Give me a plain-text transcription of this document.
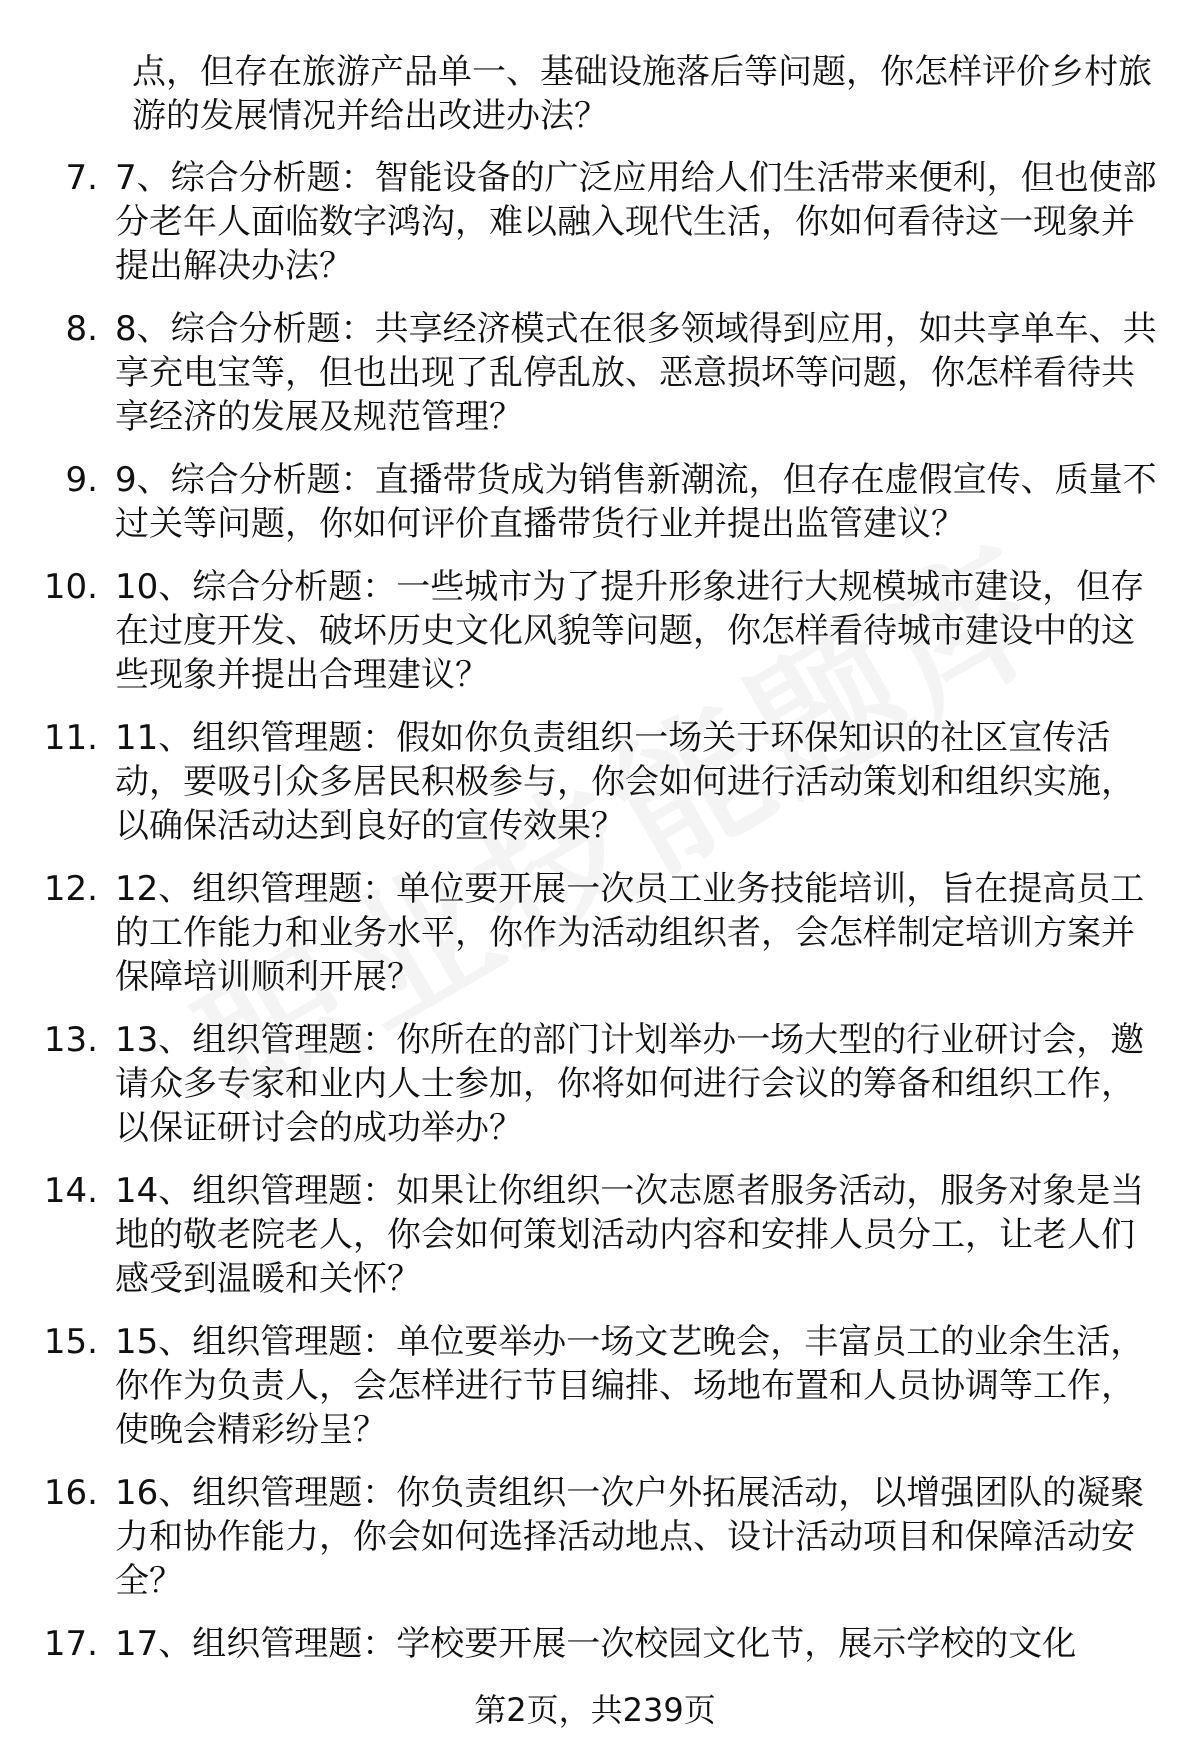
点，但存在旅游产品单一、基础设施落后等问题，你怎样评价乡村旅游的发展情况并给出改进办法？
7. 7、综合分析题：智能设备的广泛应用给人们生活带来便利，但也使部分老年人面临数字鸿沟，难以融入现代生活，你如何看待这一现象并提出解决办法？
8. 8、综合分析题：共享经济模式在很多领域得到应用，如共享单车、共享充电宝等，但也出现了乱停乱放、恶意损坏等问题，你怎样看待共享经济的发展及规范管理？
9. 9、综合分析题：直播带货成为销售新潮流，但存在虚假宣传、质量不过关等问题，你如何评价直播带货行业并提出监管建议？
10. 10、综合分析题：一些城市为了提升形象进行大规模城市建设，但存在过度开发、破坏历史文化风貌等问题，你怎样看待城市建设中的这些现象并提出合理建议？
11. 11、组织管理题：假如你负责组织一场关于环保知识的社区宣传活动，要吸引众多居民积极参与，你会如何进行活动策划和组织实施，以确保活动达到良好的宣传效果？
12. 12、组织管理题：单位要开展一次员工业务技能培训，旨在提高员工的工作能力和业务水平，你作为活动组织者，会怎样制定培训方案并保障培训顺利开展？
13. 13、组织管理题：你所在的部门计划举办一场大型的行业研讨会，邀请众多专家和业内人士参加，你将如何进行会议的筹备和组织工作，以保证研讨会的成功举办？
14. 14、组织管理题：如果让你组织一次志愿者服务活动，服务对象是当地的敬老院老人，你会如何策划活动内容和安排人员分工，让老人们感受到温暖和关怀？
15. 15、组织管理题：单位要举办一场文艺晚会，丰富员工的业余生活，你作为负责人，会怎样进行节目编排、场地布置和人员协调等工作，使晚会精彩纷呈？
16. 16、组织管理题：你负责组织一次户外拓展活动，以增强团队的凝聚力和协作能力，你会如何选择活动地点、设计活动项目和保障活动安全？
17. 17、组织管理题：学校要开展一次校园文化节，展示学校的文化
第2页，共239页
